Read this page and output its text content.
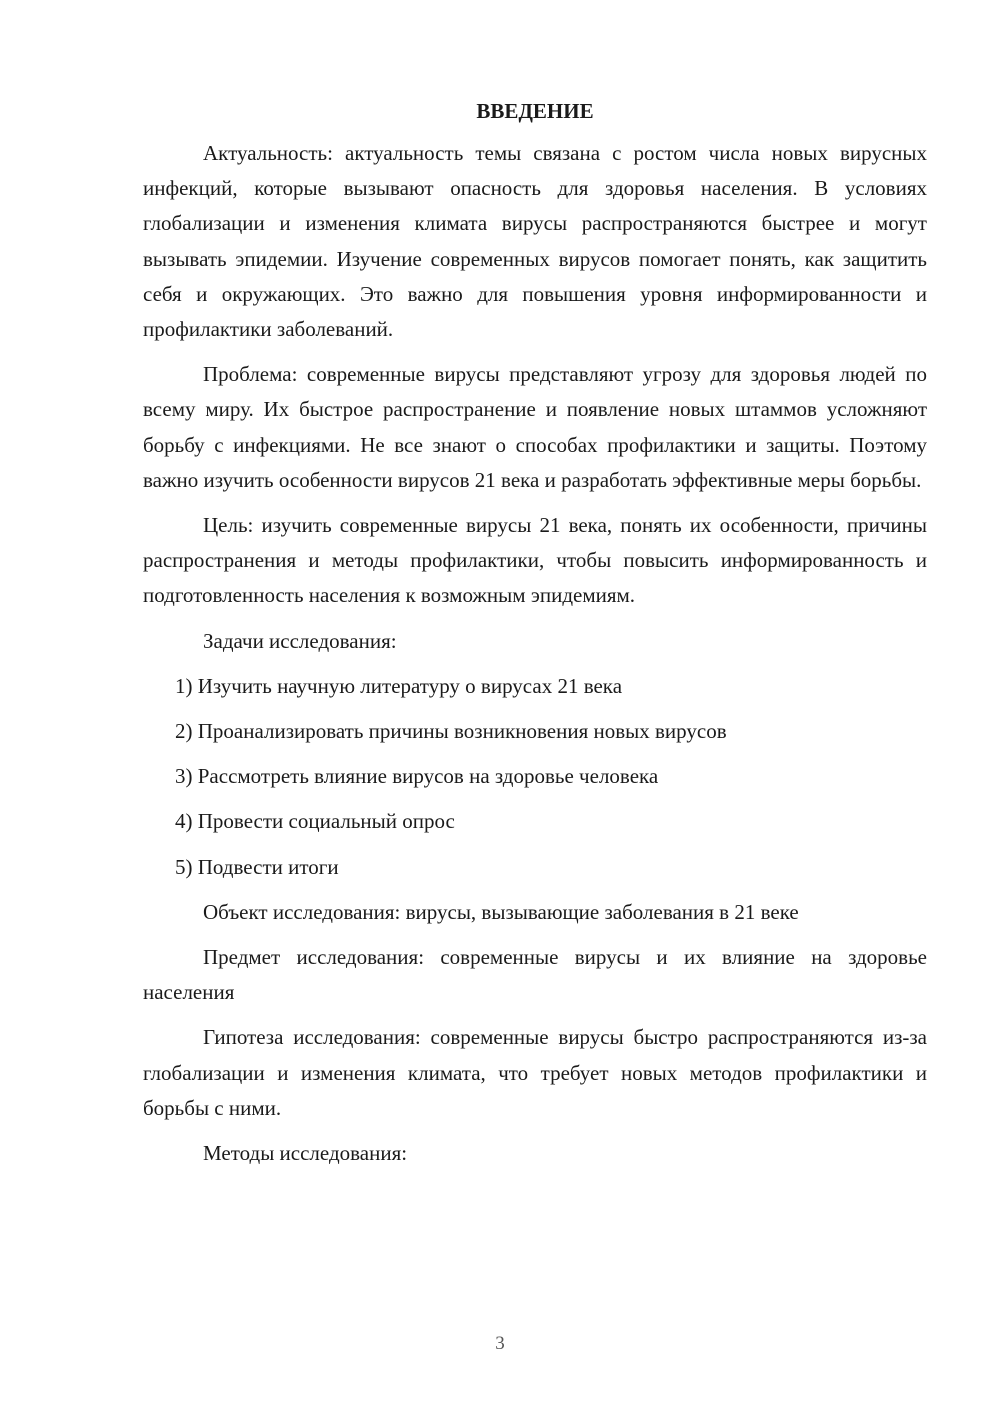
ВВЕДЕНИЕ

Актуальность: актуальность темы связана с ростом числа новых вирусных инфекций, которые вызывают опасность для здоровья населения. В условиях глобализации и изменения климата вирусы распространяются быстрее и могут вызывать эпидемии. Изучение современных вирусов помогает понять, как защитить себя и окружающих. Это важно для повышения уровня информированности и профилактики заболеваний.

Проблема: современные вирусы представляют угрозу для здоровья людей по всему миру. Их быстрое распространение и появление новых штаммов усложняют борьбу с инфекциями. Не все знают о способах профилактики и защиты. Поэтому важно изучить особенности вирусов 21 века и разработать эффективные меры борьбы.

Цель: изучить современные вирусы 21 века, понять их особенности, причины распространения и методы профилактики, чтобы повысить информированность и подготовленность населения к возможным эпидемиям.

Задачи исследования:

1) Изучить научную литературу о вирусах 21 века
2) Проанализировать причины возникновения новых вирусов
3) Рассмотреть влияние вирусов на здоровье человека
4) Провести социальный опрос
5) Подвести итоги

Объект исследования: вирусы, вызывающие заболевания в 21 веке

Предмет исследования: современные вирусы и их влияние на здоровье населения

Гипотеза исследования: современные вирусы быстро распространяются из-за глобализации и изменения климата, что требует новых методов профилактики и борьбы с ними.

Методы исследования:

3
